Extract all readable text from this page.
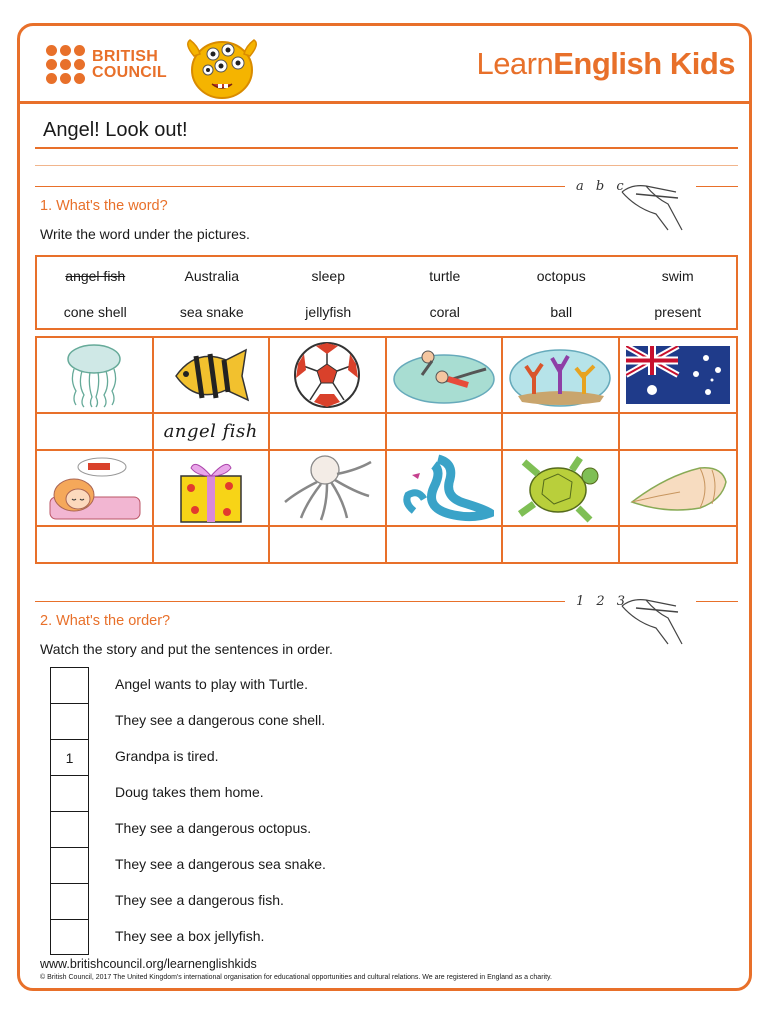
BRITISH
COUNCIL	LearnEnglish Kids
Angel! Look out!
a b c
1. What's the word?
Write the word under the pictures.
angel fish	Australia	sleep	turtle	octopus	swim
cone shell	sea snake	jellyfish	coral	ball	present
angel fish
1 2 3
2. What's the order?
Watch the story and put the sentences in order.
Angel wants to play with Turtle.
They see a dangerous cone shell.
1	Grandpa is tired.
Doug takes them home.
They see a dangerous octopus.
They see a dangerous sea snake.
They see a dangerous fish.
They see a box jellyfish.
www.britishcouncil.org/learnenglishkids
© British Council, 2017 The United Kingdom's international organisation for educational opportunities and cultural relations. We are registered in England as a charity.
